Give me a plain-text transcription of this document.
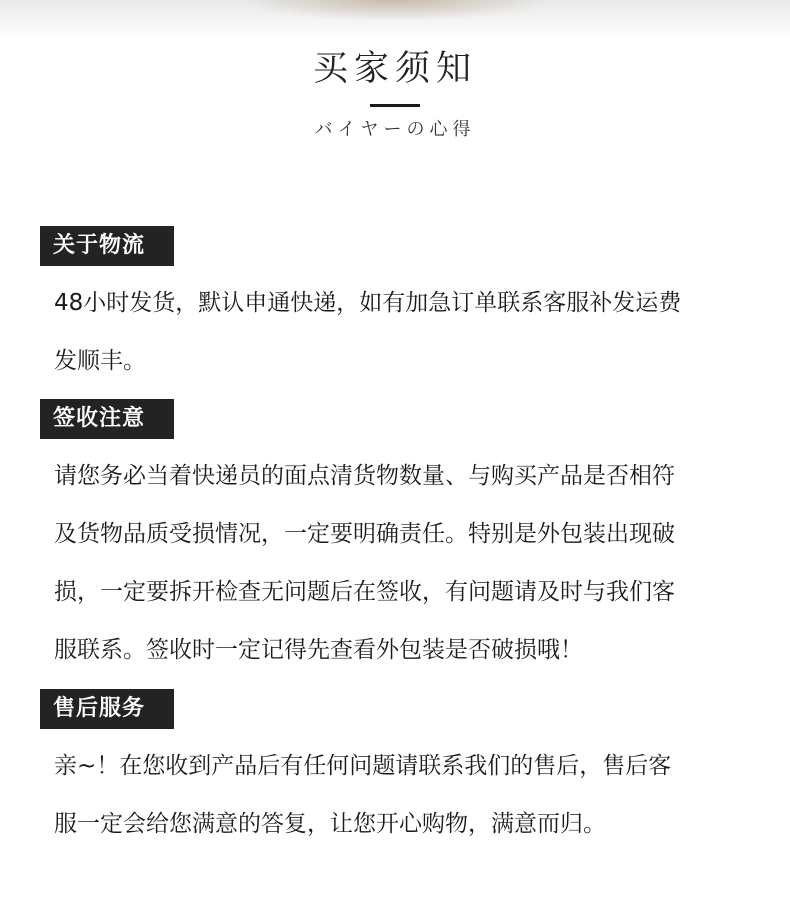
买家须知
バイヤーの心得
关于物流
48小时发货，默认申通快递，如有加急订单联系客服补发运费
发顺丰。
签收注意
请您务必当着快递员的面点清货物数量、与购买产品是否相符
及货物品质受损情况，一定要明确责任。特别是外包装出现破
损，一定要拆开检查无问题后在签收，有问题请及时与我们客
服联系。签收时一定记得先查看外包装是否破损哦！
售后服务
亲~！在您收到产品后有任何问题请联系我们的售后，售后客
服一定会给您满意的答复，让您开心购物，满意而归。
